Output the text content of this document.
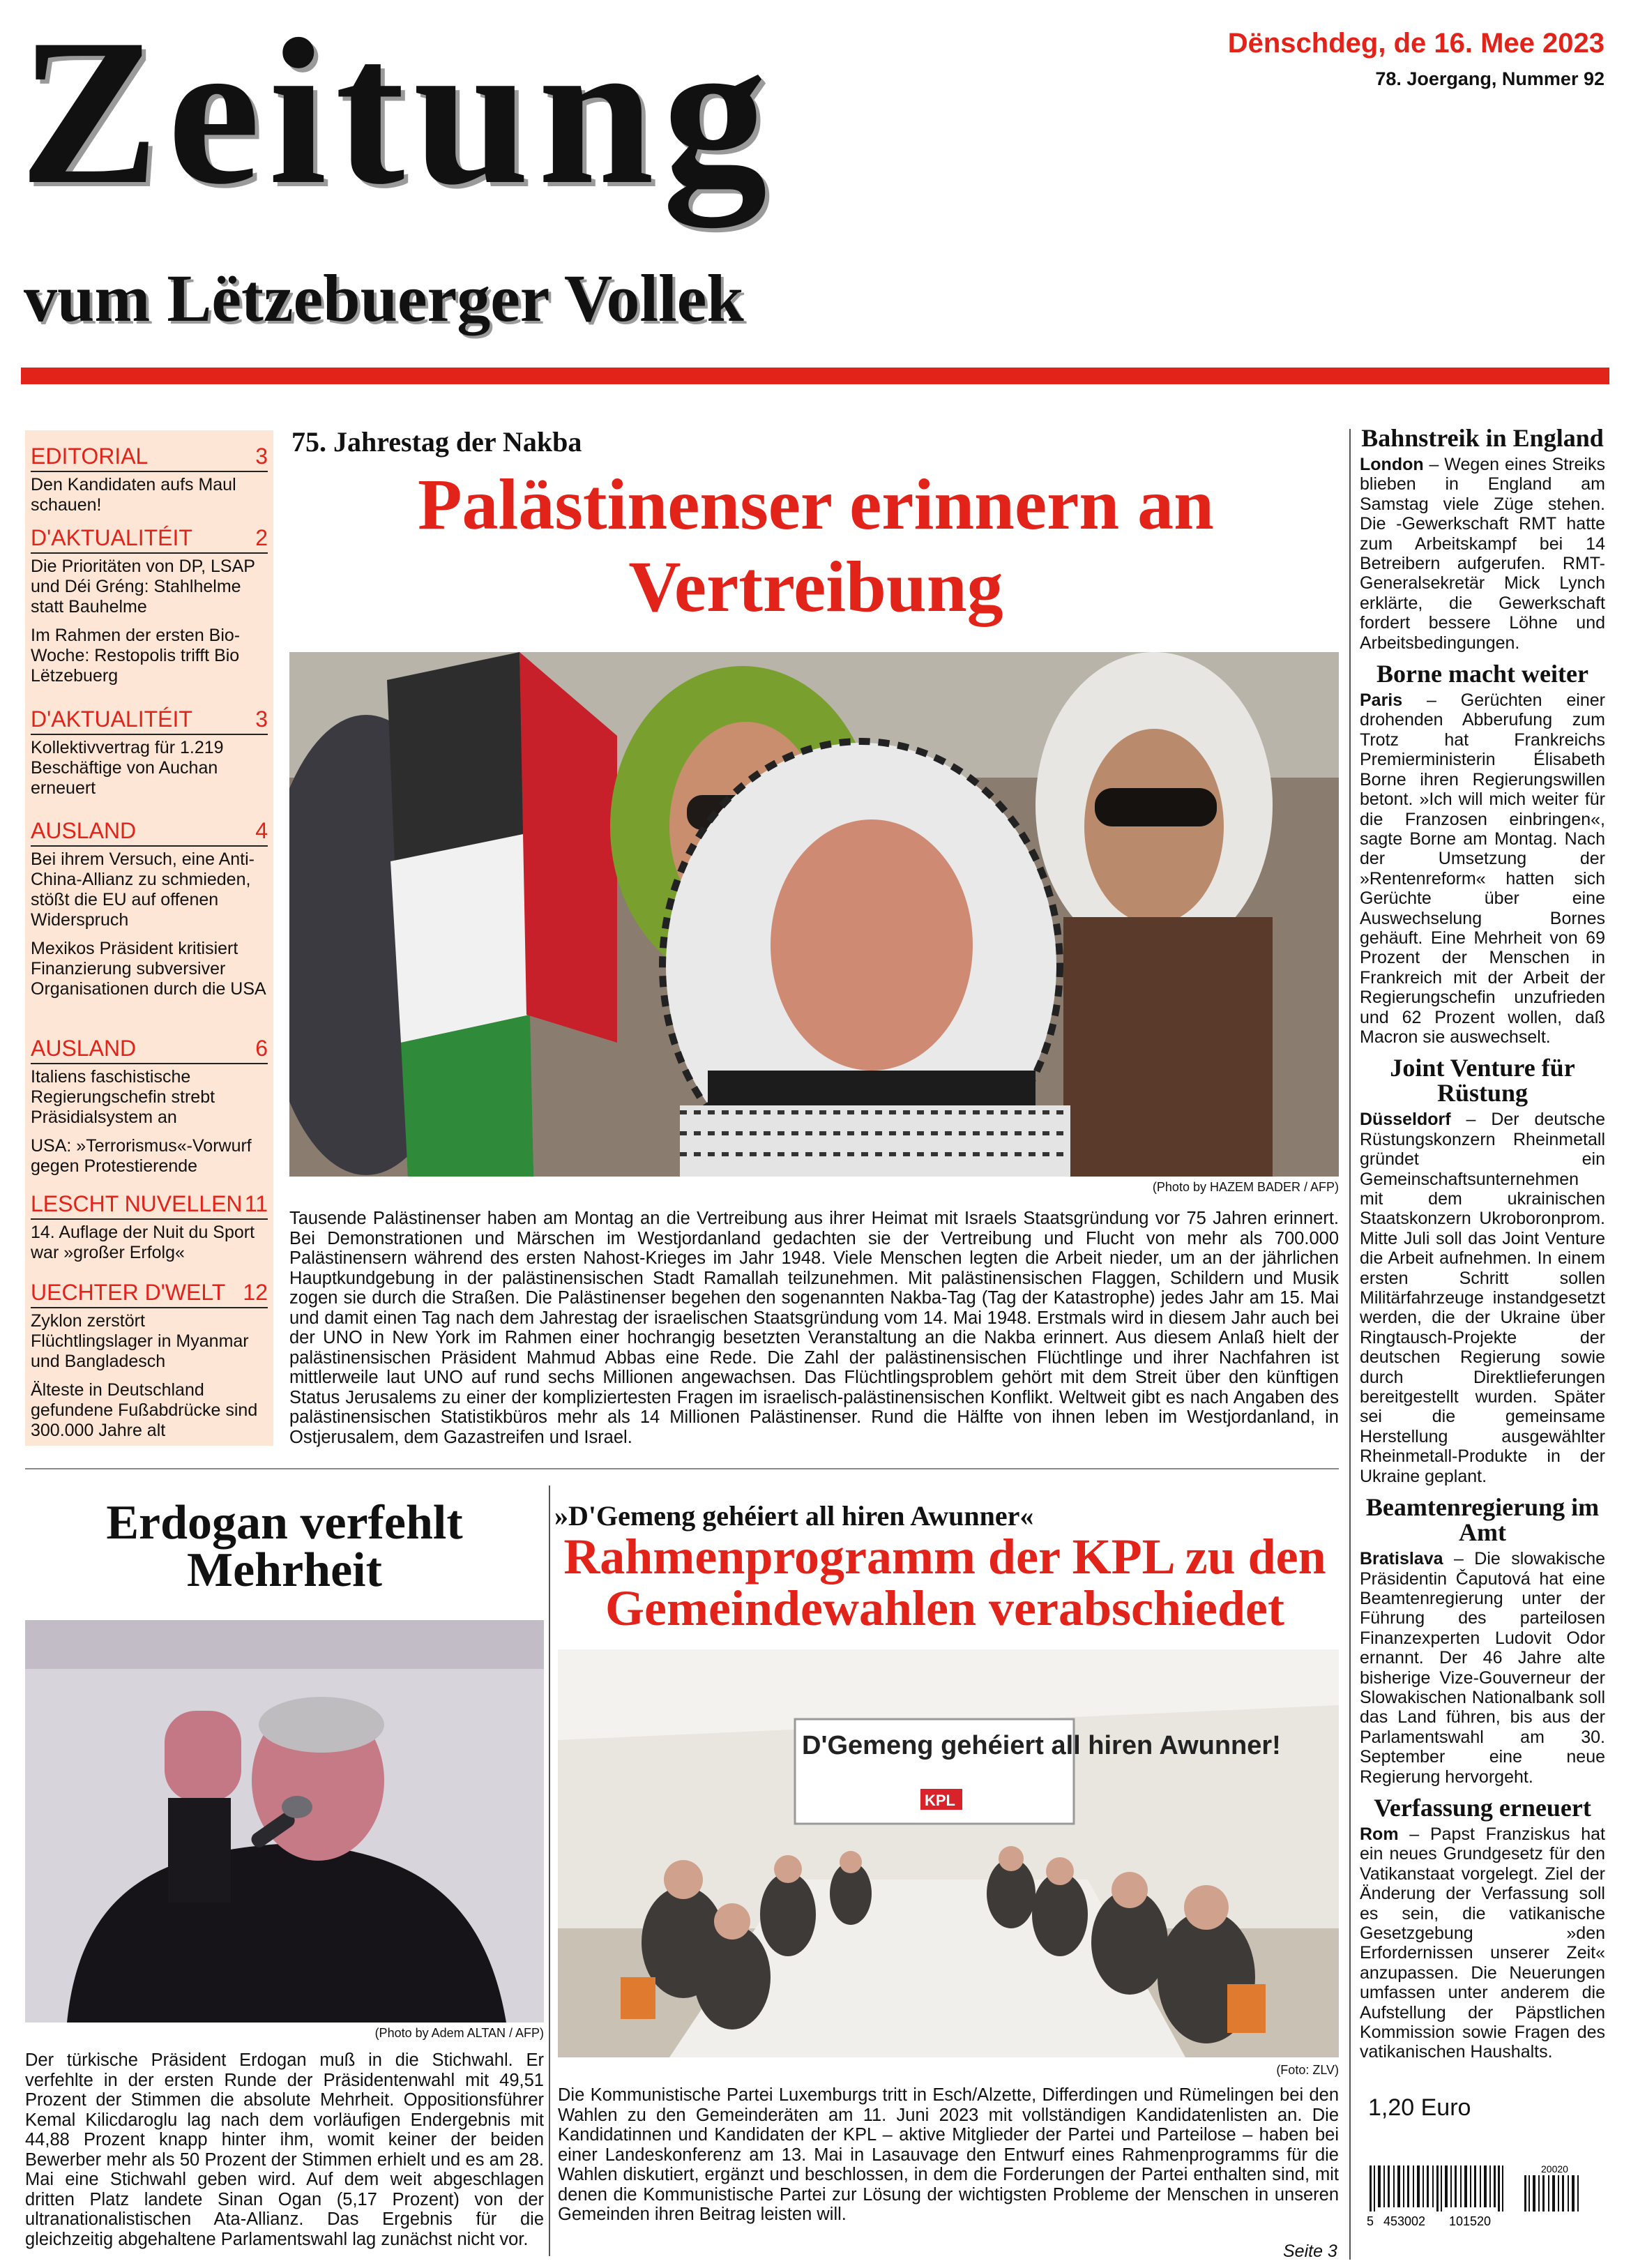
Zeitung
vum Lëtzebuerger Vollek
Dënschdeg, de 16. Mee 2023
78. Joergang, Nummer 92
EDITORIAL	3
Den Kandidaten aufs Maul schauen!
D'AKTUALITÉIT	2
Die Prioritäten von DP, LSAP und Déi Gréng: Stahlhelme statt Bauhelme
Im Rahmen der ersten Bio-Woche: Restopolis trifft Bio Lëtzebuerg
D'AKTUALITÉIT	3
Kollektivvertrag für 1.219 Beschäftige von Auchan erneuert
AUSLAND	4
Bei ihrem Versuch, eine Anti-China-Allianz zu schmieden, stößt die EU auf offenen Widerspruch
Mexikos Präsident kritisiert Finanzierung subversiver Organisationen durch die USA
AUSLAND	6
Italiens faschistische Regierungschefin strebt Präsidialsystem an
USA: »Terrorismus«-Vorwurf gegen Protestierende
LESCHT NUVELLEN 11
14. Auflage der Nuit du Sport war »großer Erfolg«
UECHTER D'WELT 12
Zyklon zerstört Flüchtlingslager in Myanmar und Bangladesch
Älteste in Deutschland gefundene Fußabdrücke sind 300.000 Jahre alt
75. Jahrestag der Nakba
Palästinenser erinnern an Vertreibung
(Photo by HAZEM BADER / AFP)
Tausende Palästinenser haben am Montag an die Vertreibung aus ihrer Heimat mit Israels Staatsgründung vor 75 Jahren erinnert. Bei Demonstrationen und Märschen im Westjordanland gedachten sie der Vertreibung und Flucht von mehr als 700.000 Palästinensern während des ersten Nahost-Krieges im Jahr 1948. Viele Menschen legten die Arbeit nieder, um an der jährlichen Hauptkundgebung in der palästinensischen Stadt Ramallah teilzunehmen. Mit palästinensischen Flaggen, Schildern und Musik zogen sie durch die Straßen. Die Palästinenser begehen den sogenannten Nakba-Tag (Tag der Katastrophe) jedes Jahr am 15. Mai und damit einen Tag nach dem Jahrestag der israelischen Staatsgründung vom 14. Mai 1948. Erstmals wird in diesem Jahr auch bei der UNO in New York im Rahmen einer hochrangig besetzten Veranstaltung an die Nakba erinnert. Aus diesem Anlaß hielt der palästinensischen Präsident Mahmud Abbas eine Rede. Die Zahl der palästinensischen Flüchtlinge und ihrer Nachfahren ist mittlerweile laut UNO auf rund sechs Millionen angewachsen. Das Flüchtlingsproblem gehört mit dem Streit über den künftigen Status Jerusalems zu einer der kompliziertesten Fragen im israelisch-palästinensischen Konflikt. Weltweit gibt es nach Angaben des palästinensischen Statistikbüros mehr als 14 Millionen Palästinenser. Rund die Hälfte von ihnen leben im Westjordanland, in Ostjerusalem, dem Gazastreifen und Israel.
Bahnstreik in England
London – Wegen eines Streiks blieben in England am Samstag viele Züge stehen. Die -Gewerkschaft RMT hatte zum Arbeitskampf bei 14 Betreibern aufgerufen. RMT-Generalsekretär Mick Lynch erklärte, die Gewerkschaft fordert bessere Löhne und Arbeitsbedingungen.
Borne macht weiter
Paris – Gerüchten einer drohenden Abberufung zum Trotz hat Frankreichs Premierministerin Élisabeth Borne ihren Regierungswillen betont. »Ich will mich weiter für die Franzosen einbringen«, sagte Borne am Montag. Nach der Umsetzung der »Rentenreform« hatten sich Gerüchte über eine Auswechselung Bornes gehäuft. Eine Mehrheit von 69 Prozent der Menschen in Frankreich mit der Arbeit der Regierungschefin unzufrieden und 62 Prozent wollen, daß Macron sie auswechselt.
Joint Venture für Rüstung
Düsseldorf – Der deutsche Rüstungskonzern Rheinmetall gründet ein Gemeinschaftsunternehmen mit dem ukrainischen Staatskonzern Ukroboronprom. Mitte Juli soll das Joint Venture die Arbeit aufnehmen. In einem ersten Schritt sollen Militärfahrzeuge instandgesetzt werden, die der Ukraine über Ringtausch-Projekte der deutschen Regierung sowie durch Direktlieferungen bereitgestellt wurden. Später sei die gemeinsame Herstellung ausgewählter Rheinmetall-Produkte in der Ukraine geplant.
Beamtenregierung im Amt
Bratislava – Die slowakische Präsidentin Čaputová hat eine Beamtenregierung unter der Führung des parteilosen Finanzexperten Ludovit Odor ernannt. Der 46 Jahre alte bisherige Vize-Gouverneur der Slowakischen Nationalbank soll das Land führen, bis aus der Parlamentswahl am 30. September eine neue Regierung hervorgeht.
Verfassung erneuert
Rom – Papst Franziskus hat ein neues Grundgesetz für den Vatikanstaat vorgelegt. Ziel der Änderung der Verfassung soll es sein, die vatikanische Gesetzgebung »den Erfordernissen unserer Zeit« anzupassen. Die Neuerungen umfassen unter anderem die Aufstellung der Päpstlichen Kommission sowie Fragen des vatikanischen Haushalts.
1,20 Euro
20020
5 453002 101520
Erdogan verfehlt Mehrheit
(Photo by Adem ALTAN / AFP)
Der türkische Präsident Erdogan muß in die Stichwahl. Er verfehlte in der ersten Runde der Präsidentenwahl mit 49,51 Prozent der Stimmen die absolute Mehrheit. Oppositionsführer Kemal Kilicdaroglu lag nach dem vorläufigen Endergebnis mit 44,88 Prozent knapp hinter ihm, womit keiner der beiden Bewerber mehr als 50 Prozent der Stimmen erhielt und es am 28. Mai eine Stichwahl geben wird. Auf dem weit abgeschlagen dritten Platz landete Sinan Ogan (5,17 Prozent) von der ultranationalistischen Ata-Allianz. Das Ergebnis für die gleichzeitig abgehaltene Parlamentswahl lag zunächst nicht vor.
»D'Gemeng gehéiert all hiren Awunner«
Rahmenprogramm der KPL zu den Gemeindewahlen verabschiedet
D'Gemeng gehéiert all hiren Awunner!
KPL
(Foto: ZLV)
Die Kommunistische Partei Luxemburgs tritt in Esch/Alzette, Differdingen und Rümelingen bei den Wahlen zu den Gemeinderäten am 11. Juni 2023 mit vollständigen Kandidatenlisten an. Die Kandidatinnen und Kandidaten der KPL – aktive Mitglieder der Partei und Parteilose – haben bei einer Landeskonferenz am 13. Mai in Lasauvage den Entwurf eines Rahmenprogramms für die Wahlen diskutiert, ergänzt und beschlossen, in dem die Forderungen der Partei enthalten sind, mit denen die Kommunistische Partei zur Lösung der wichtigsten Probleme der Menschen in unseren Gemeinden ihren Beitrag leisten will.
Seite 3
